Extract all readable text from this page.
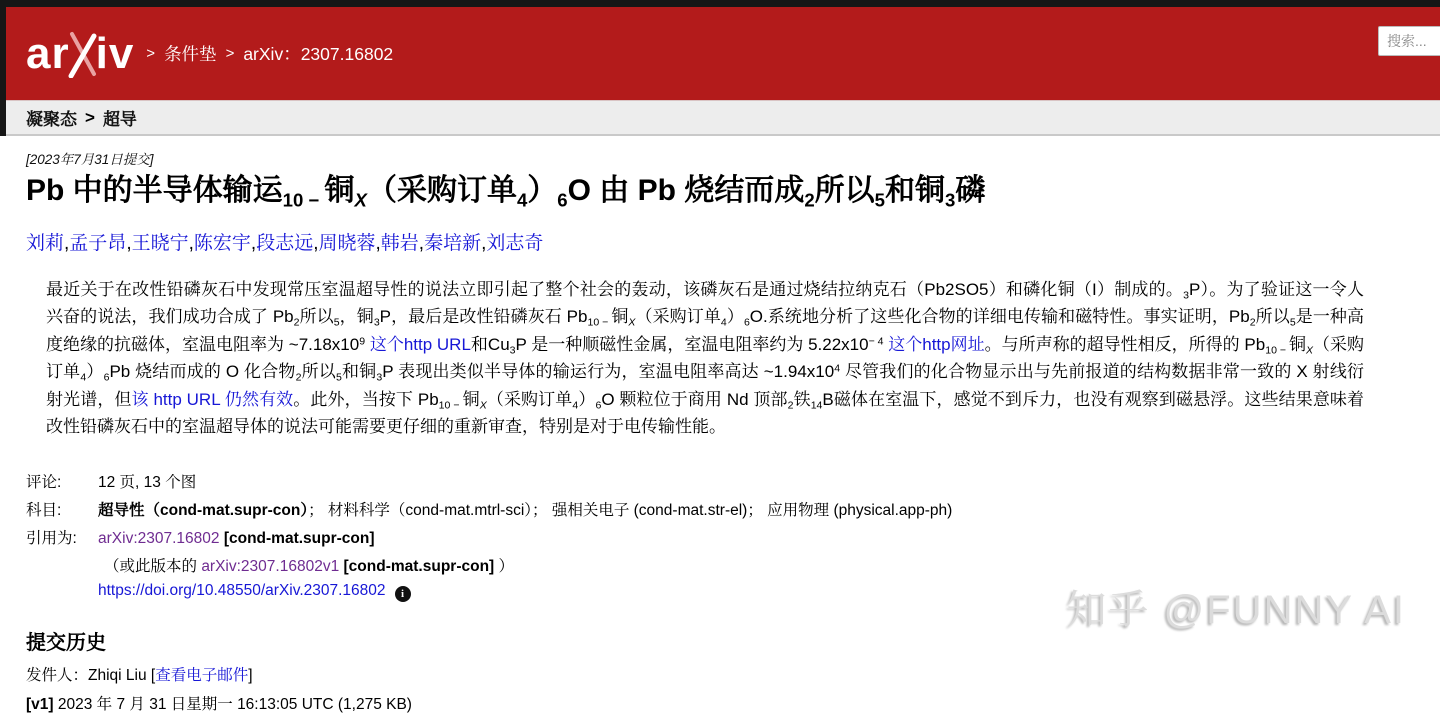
ar iv > 条件垫 > arXiv：2307.16802
搜索...
凝聚态 > 超导
[2023年7月31日提交]
Pb 中的半导体输运$_{10 -}$ 铜$_X$（采购订单$_4)_6O$ 由 Pb 烧结而成$_2$所以$_5$和铜$_3$磷
刘莉,孟子昂,王晓宁,陈宏宇,段志远,周晓蓉,韩岩,秦培新,刘志奇
最近关于在改性铅磷灰石中发现常压室温超导性的说法立即引起了整个社会的轰动，该磷灰石是通过烧结拉纳克石（Pb2SO5）和磷化铜（I）制成的。$_3$P）。为了验证这一令人兴奋的说法，我们成功合成了 $Pb_2$所以$_5$，铜$_3$P，最后是改性铅磷灰石 $Pb_{10 -}$ 铜$_X$（采购订单$_4)_6O$.系统地分析了这些化合物的详细电传输和磁特性。事实证明，$Pb_2$所以$_5$是一种高度绝缘的抗磁体，室温电阻率为 $\sim 7.18x10^9$ 这个http URL和$Cu_3P$ 是一种顺磁性金属，室温电阻率约为 $5.22x10^{- 4}$ 这个http网址。与所声称的超导性相反，所得的 $Pb_{10 -}$ 铜$_X$（采购订单$_4)_6Pb$ 烧结而成的 O 化合物$_2$所以$_5$和铜$_3$P 表现出类似半导体的输运行为，室温电阻率高达 $\sim 1.94x10^4$ 尽管我们的化合物显示出与先前报道的结构数据非常一致的 X 射线衍射光谱，但该 http URL 仍然有效。此外，当按下 $Pb_{10 -}$ 铜$_X$（采购订单$_4)_6O$ 颗粒位于商用 Nd 顶部$_2$铁$_{14}$B磁体在室温下，感觉不到斥力，也没有观察到磁悬浮。这些结果意味着改性铅磷灰石中的室温超导体的说法可能需要更仔细的重新审查，特别是对于电传输性能。
评论:	12 页, 13 个图
科目:	超导性（cond-mat.supr-con）； 材料科学（cond-mat.mtrl-sci）； 强相关电子 (cond-mat.str-el)； 应用物理 (physical.app-ph)
引用为:	arXiv:2307.16802 [cond-mat.supr-con]
（或此版本的 arXiv:2307.16802v1 [cond-mat.supr-con] ）
https://doi.org/10.48550/arXiv.2307.16802 i
提交历史
发件人：Zhiqi Liu [查看电子邮件]
[v1] 2023 年 7 月 31 日星期一 16:13:05 UTC (1,275 KB)
知乎 @FUNNY AI
